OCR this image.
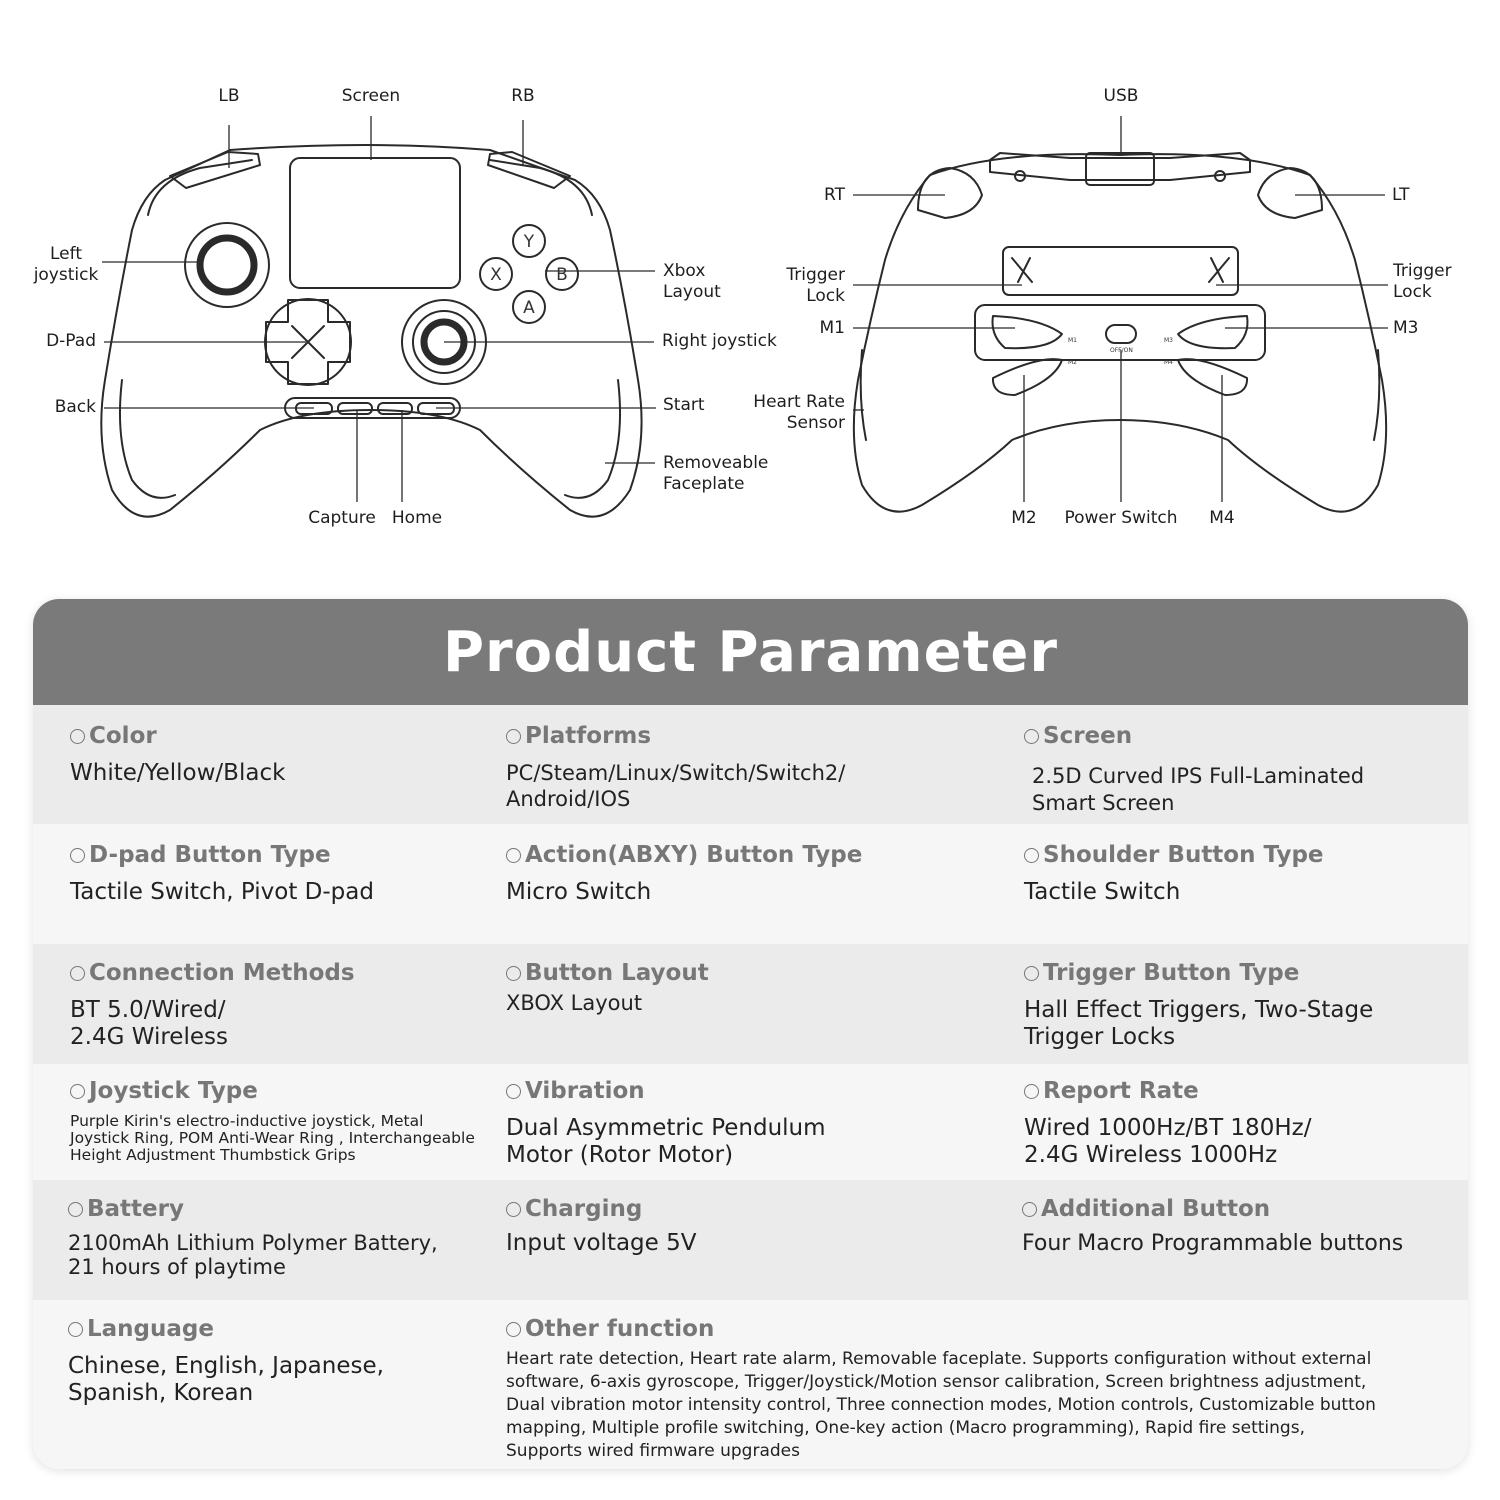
OFF/ON
M1
M2
M3
M4
Y
X	B
A
LB	Screen	RB
Left
joystick	Xbox
Layout
D-Pad	Right joystick
Back	Start
Removeable
Faceplate
Capture Home
USB
RT	LT
Trigger
Lock
Trigger
Lock
M1	M3
Heart Rate
Sensor
M2	Power Switch	M4
Product Parameter
Color
White/Yellow/Black
Platforms
PC/Steam/Linux/Switch/Switch2/
Android/IOS
Screen
2.5D Curved IPS Full-Laminated
Smart Screen
D-pad Button Type
Tactile Switch, Pivot D-pad
Action(ABXY) Button Type
Micro Switch
Shoulder Button Type
Tactile Switch
Connection Methods
BT 5.0/Wired/
2.4G Wireless
Button Layout
XBOX Layout
Trigger Button Type
Hall Effect Triggers, Two-Stage
Trigger Locks
Joystick Type
Purple Kirin's electro-inductive joystick, Metal
Joystick Ring, POM Anti-Wear Ring , Interchangeable
Height Adjustment Thumbstick Grips
Vibration
Dual Asymmetric Pendulum
Motor (Rotor Motor)
Report Rate
Wired 1000Hz/BT 180Hz/
2.4G Wireless 1000Hz
Battery
2100mAh Lithium Polymer Battery,
21 hours of playtime
Charging
Input voltage 5V
Additional Button
Four Macro Programmable buttons
Language
Chinese, English, Japanese,
Spanish, Korean
Other function
Heart rate detection, Heart rate alarm, Removable faceplate. Supports configuration without external
software, 6-axis gyroscope, Trigger/Joystick/Motion sensor calibration, Screen brightness adjustment,
Dual vibration motor intensity control, Three connection modes, Motion controls, Customizable button
mapping, Multiple profile switching, One-key action (Macro programming), Rapid fire settings,
Supports wired firmware upgrades
